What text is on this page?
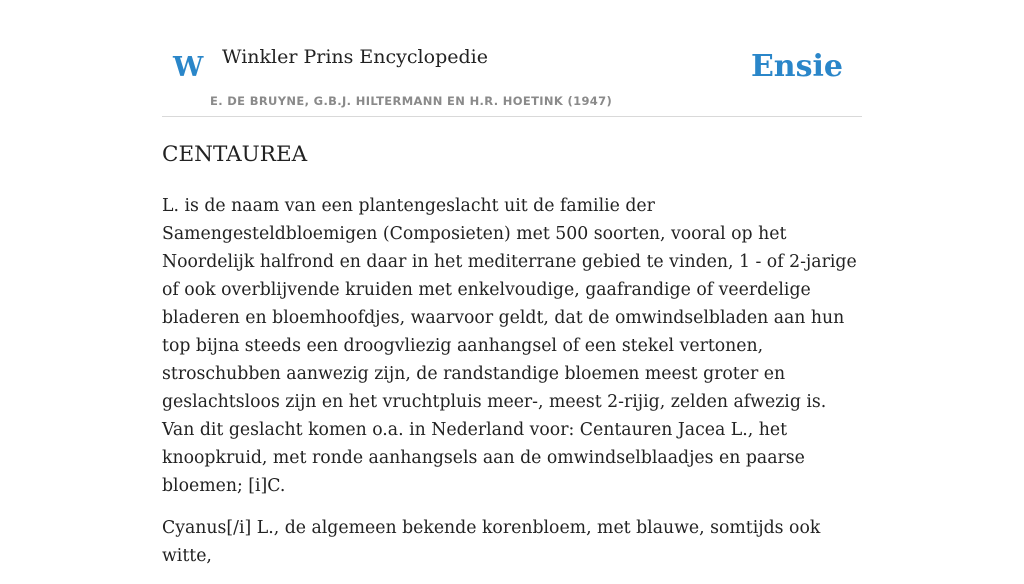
W Winkler Prins Encyclopedie
E. DE BRUYNE, G.B.J. HILTERMANN EN H.R. HOETINK (1947)
Ensie
CENTAUREA

L. is de naam van een plantengeslacht uit de familie der Samengesteldbloemigen (Composieten) met 500 soorten, vooral op het Noordelijk halfrond en daar in het mediterrane gebied te vinden, 1 - of 2-jarige of ook overblijvende kruiden met enkelvoudige, gaafrandige of veerdelige bladeren en bloemhoofdjes, waarvoor geldt, dat de omwindselbladen aan hun top bijna steeds een droogvliezig aanhangsel of een stekel vertonen, stroschubben aanwezig zijn, de randstandige bloemen meest groter en geslachtsloos zijn en het vruchtpluis meer-, meest 2-rijig, zelden afwezig is. Van dit geslacht komen o.a. in Nederland voor: Centauren Jacea L., het knoopkruid, met ronde aanhangsels aan de omwindselblaadjes en paarse bloemen; [i]C.

Cyanus[/i] L., de algemeen bekende korenbloem, met blauwe, somtijds ook witte,
